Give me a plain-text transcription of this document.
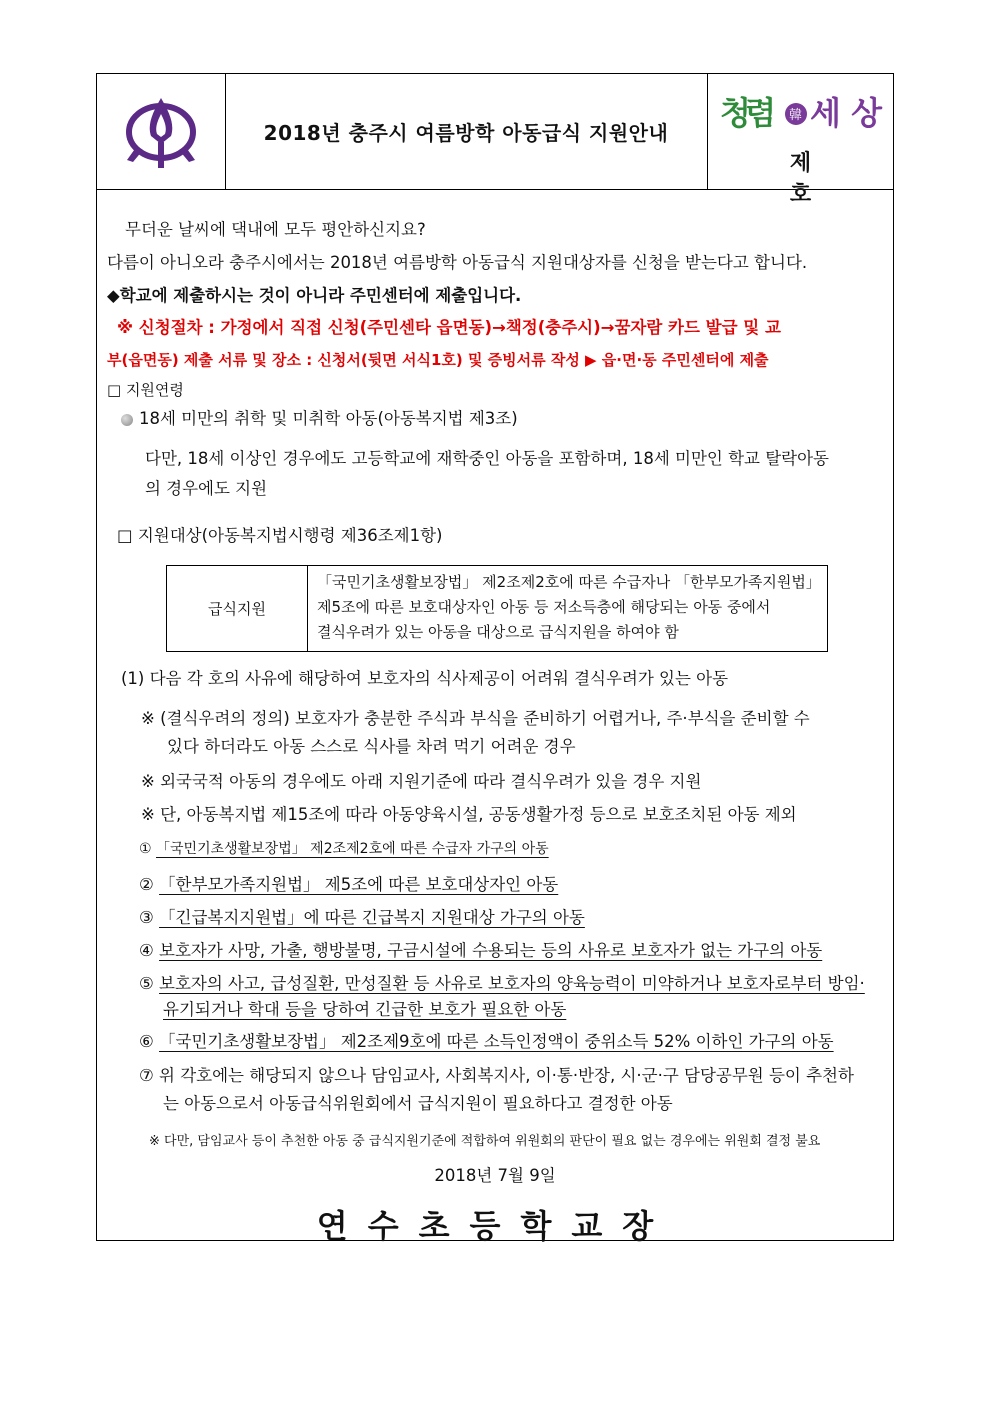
2018년 충주시 여름방학 아동급식 지원안내
청렴 韓 세상
제 호
무더운 날씨에 댁내에 모두 평안하신지요?
다름이 아니오라 충주시에서는 2018년 여름방학 아동급식 지원대상자를 신청을 받는다고 합니다.
◆학교에 제출하시는 것이 아니라 주민센터에 제출입니다.
※ 신청절차 : 가정에서 직접 신청(주민센타 읍면동)→책정(충주시)→꿈자람 카드 발급 및 교
부(읍면동) 제출 서류 및 장소 : 신청서(뒷면 서식1호) 및 증빙서류 작성 ▶ 읍·면·동 주민센터에 제출
□ 지원연령
18세 미만의 취학 및 미취학 아동(아동복지법 제3조)
다만, 18세 이상인 경우에도 고등학교에 재학중인 아동을 포함하며, 18세 미만인 학교 탈락아동
의 경우에도 지원
□ 지원대상(아동복지법시행령 제36조제1항)
급식지원
「국민기초생활보장법」 제2조제2호에 따른 수급자나 「한부모가족지원법」
제5조에 따른 보호대상자인 아동 등 저소득층에 해당되는 아동 중에서
결식우려가 있는 아동을 대상으로 급식지원을 하여야 함
(1) 다음 각 호의 사유에 해당하여 보호자의 식사제공이 어려워 결식우려가 있는 아동
※ (결식우려의 정의) 보호자가 충분한 주식과 부식을 준비하기 어렵거나, 주·부식을 준비할 수
있다 하더라도 아동 스스로 식사를 차려 먹기 어려운 경우
※ 외국국적 아동의 경우에도 아래 지원기준에 따라 결식우려가 있을 경우 지원
※ 단, 아동복지법 제15조에 따라 아동양육시설, 공동생활가정 등으로 보호조치된 아동 제외
① 「국민기초생활보장법」 제2조제2호에 따른 수급자 가구의 아동
② 「한부모가족지원법」 제5조에 따른 보호대상자인 아동
③ 「긴급복지지원법」에 따른 긴급복지 지원대상 가구의 아동
④ 보호자가 사망, 가출, 행방불명, 구금시설에 수용되는 등의 사유로 보호자가 없는 가구의 아동
⑤ 보호자의 사고, 급성질환, 만성질환 등 사유로 보호자의 양육능력이 미약하거나 보호자로부터 방임·
유기되거나 학대 등을 당하여 긴급한 보호가 필요한 아동
⑥ 「국민기초생활보장법」 제2조제9호에 따른 소득인정액이 중위소득 52% 이하인 가구의 아동
⑦ 위 각호에는 해당되지 않으나 담임교사, 사회복지사, 이·통·반장, 시·군·구 담당공무원 등이 추천하
는 아동으로서 아동급식위원회에서 급식지원이 필요하다고 결정한 아동
※ 다만, 담임교사 등이 추천한 아동 중 급식지원기준에 적합하여 위원회의 판단이 필요 없는 경우에는 위원회 결정 불요
2018년 7월 9일
연수초등학교장
